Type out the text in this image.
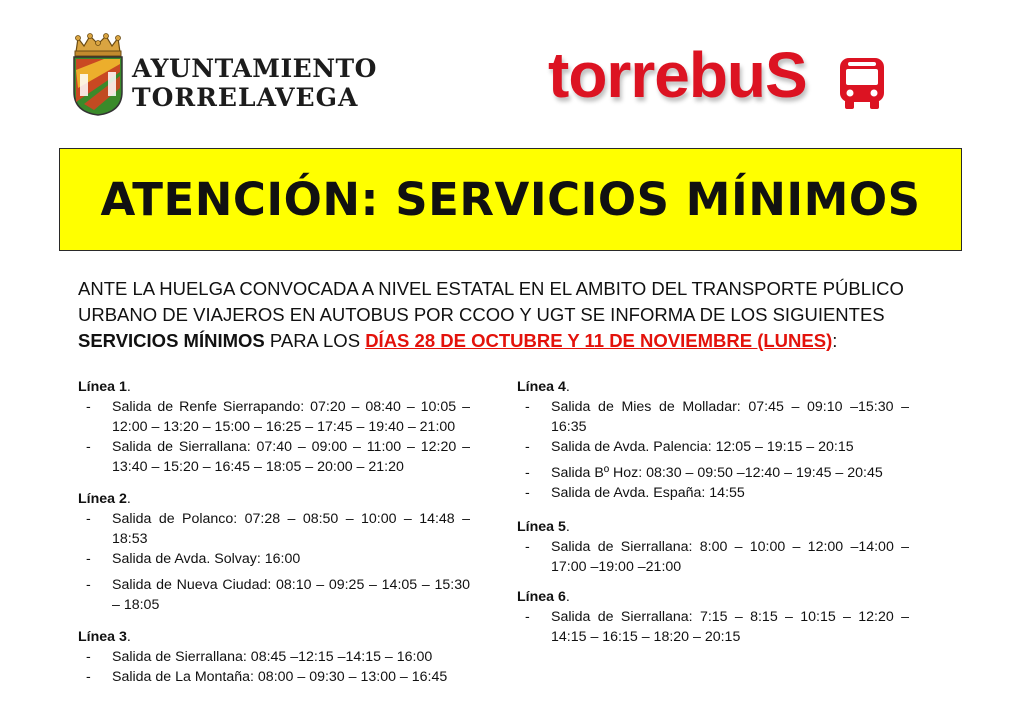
AYUNTAMIENTO
TORRELAVEGA	torrebuS
ATENCIÓN: SERVICIOS MÍNIMOS

ANTE LA HUELGA CONVOCADA A NIVEL ESTATAL EN EL AMBITO DEL TRANSPORTE PÚBLICO URBANO DE VIAJEROS EN AUTOBUS POR CCOO Y UGT SE INFORMA DE LOS SIGUIENTES SERVICIOS MÍNIMOS PARA LOS DÍAS 28 DE OCTUBRE Y 11 DE NOVIEMBRE (LUNES):

Línea 1.
- Salida de Renfe Sierrapando: 07:20 – 08:40 – 10:05 – 12:00 – 13:20 – 15:00 – 16:25 – 17:45 – 19:40 – 21:00
- Salida de Sierrallana: 07:40 – 09:00 – 11:00 – 12:20 – 13:40 – 15:20 – 16:45 – 18:05 – 20:00 – 21:20
Línea 2.
- Salida de Polanco: 07:28 – 08:50 – 10:00 – 14:48 – 18:53
- Salida de Avda. Solvay: 16:00
- Salida de Nueva Ciudad: 08:10 – 09:25 – 14:05 – 15:30 – 18:05
Línea 3.
- Salida de Sierrallana: 08:45 –12:15 –14:15 – 16:00
- Salida de La Montaña: 08:00 – 09:30 – 13:00 – 16:45
Línea 4.
- Salida de Mies de Molladar: 07:45 – 09:10 –15:30 – 16:35
- Salida de Avda. Palencia: 12:05 – 19:15 – 20:15
- Salida Bº Hoz: 08:30 – 09:50 –12:40 – 19:45 – 20:45
- Salida de Avda. España: 14:55
Línea 5.
- Salida de Sierrallana: 8:00 – 10:00 – 12:00 –14:00 – 17:00 –19:00 –21:00
Línea 6.
- Salida de Sierrallana: 7:15 – 8:15 – 10:15 – 12:20 – 14:15 – 16:15 – 18:20 – 20:15
